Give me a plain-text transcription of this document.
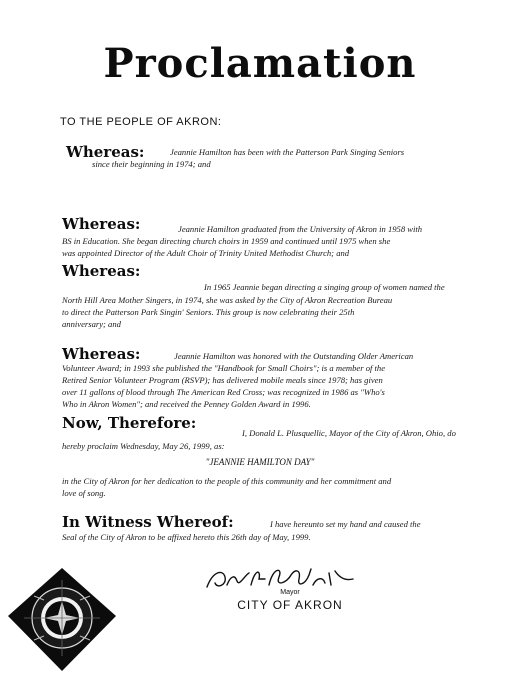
Proclamation
TO THE PEOPLE OF AKRON:
Whereas:	Jeannie Hamilton has been with the Patterson Park Singing Seniors
since their beginning in 1974; and
Whereas:	Jeannie Hamilton graduated from the University of Akron in 1958 with
BS in Education. She began directing church choirs in 1959 and continued until 1975 when she
was appointed Director of the Adult Choir of Trinity United Methodist Church; and
Whereas:
In 1965 Jeannie began directing a singing group of women named the
North Hill Area Mother Singers, in 1974, she was asked by the City of Akron Recreation Bureau
to direct the Patterson Park Singin' Seniors. This group is now celebrating their 25th
anniversary; and
Whereas:	Jeannie Hamilton was honored with the Outstanding Older American
Volunteer Award; in 1993 she published the "Handbook for Small Choirs"; is a member of the
Retired Senior Volunteer Program (RSVP); has delivered mobile meals since 1978; has given
over 11 gallons of blood through The American Red Cross; was recognized in 1986 as "Who's
Who in Akron Women"; and received the Penney Golden Award in 1996.
Now, Therefore:
I, Donald L. Plusquellic, Mayor of the City of Akron, Ohio, do
hereby proclaim Wednesday, May 26, 1999, as:
"JEANNIE HAMILTON DAY"
in the City of Akron for her dedication to the people of this community and her commitment and
love of song.
In Witness Whereof:	I have hereunto set my hand and caused the
Seal of the City of Akron to be affixed hereto this 26th day of May, 1999.
Mayor
CITY OF AKRON
